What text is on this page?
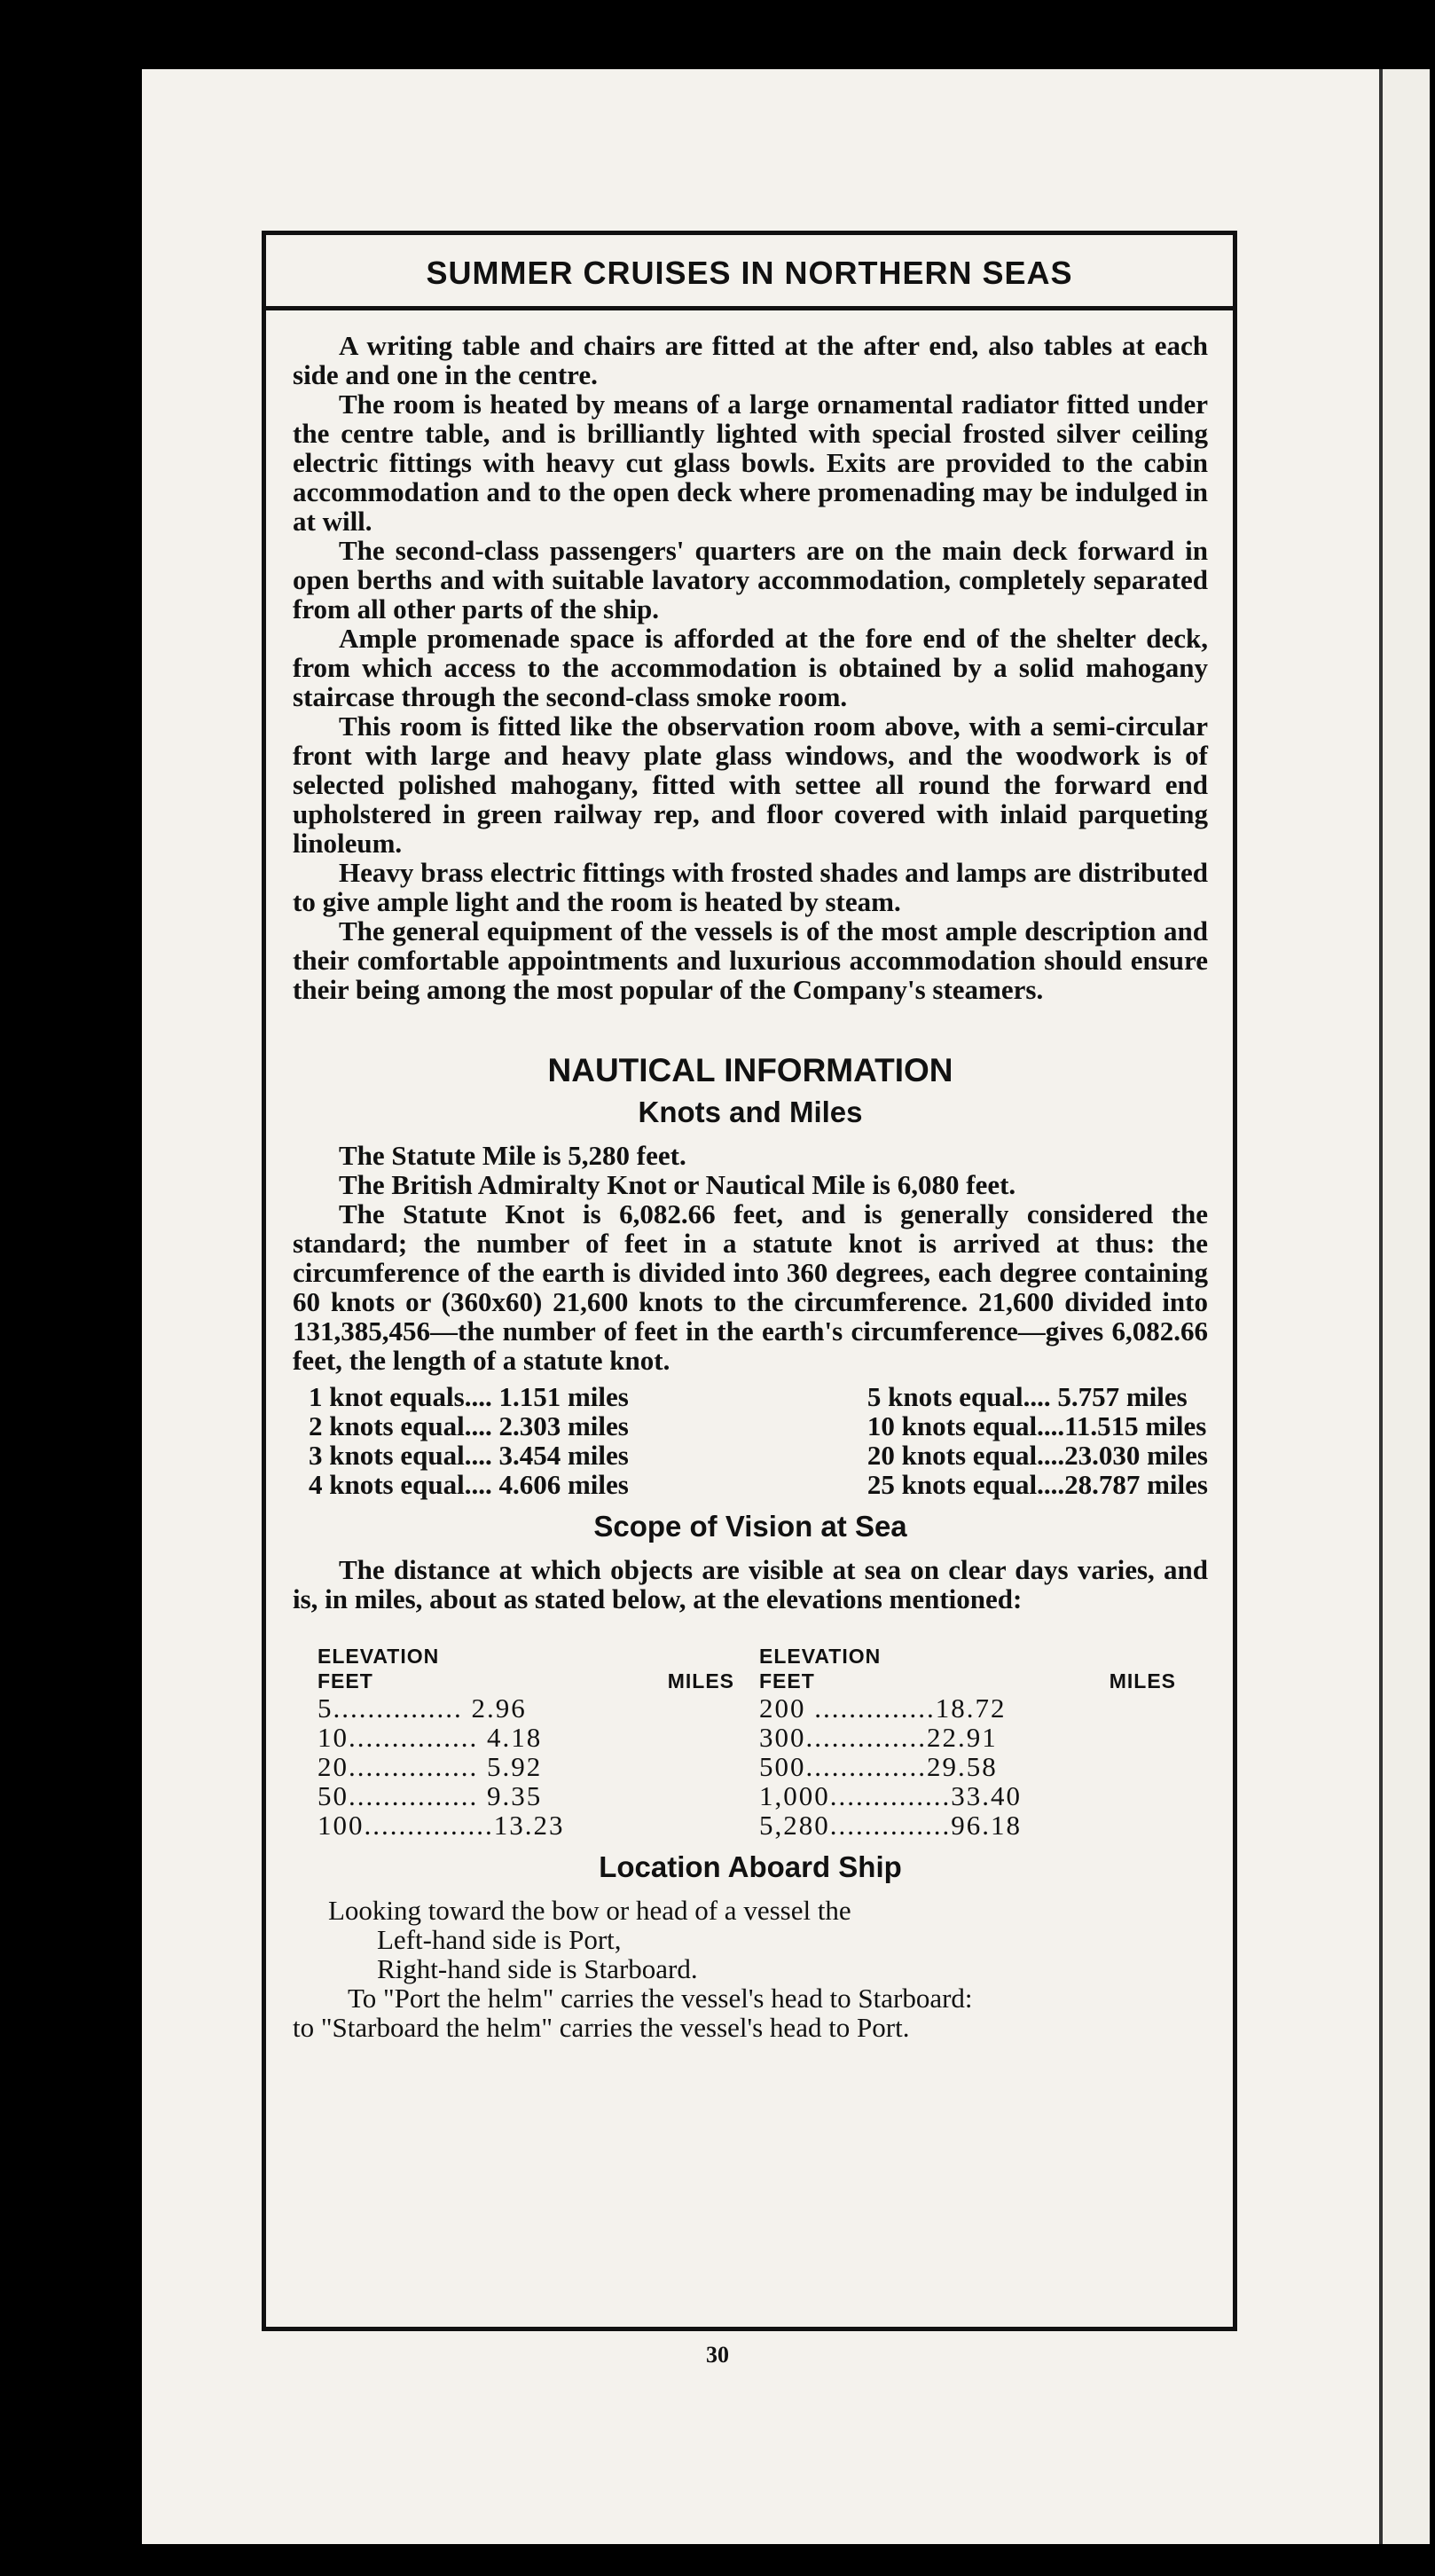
SUMMER CRUISES IN NORTHERN SEAS

A writing table and chairs are fitted at the after end, also tables at each side and one in the centre.

The room is heated by means of a large ornamental radiator fitted under the centre table, and is brilliantly lighted with special frosted silver ceiling electric fittings with heavy cut glass bowls. Exits are provided to the cabin accommodation and to the open deck where promenading may be indulged in at will.

The second-class passengers' quarters are on the main deck forward in open berths and with suitable lavatory accommodation, completely separated from all other parts of the ship.

Ample promenade space is afforded at the fore end of the shelter deck, from which access to the accommodation is obtained by a solid mahogany staircase through the second-class smoke room.

This room is fitted like the observation room above, with a semi-circular front with large and heavy plate glass windows, and the woodwork is of selected polished mahogany, fitted with settee all round the forward end upholstered in green railway rep, and floor covered with inlaid parqueting linoleum.

Heavy brass electric fittings with frosted shades and lamps are distributed to give ample light and the room is heated by steam.

The general equipment of the vessels is of the most ample description and their comfortable appointments and luxurious accommodation should ensure their being among the most popular of the Company's steamers.

NAUTICAL INFORMATION
Knots and Miles

The Statute Mile is 5,280 feet.

The British Admiralty Knot or Nautical Mile is 6,080 feet.

The Statute Knot is 6,082.66 feet, and is generally considered the standard; the number of feet in a statute knot is arrived at thus: the circumference of the earth is divided into 360 degrees, each degree containing 60 knots or (360x60) 21,600 knots to the circumference. 21,600 divided into 131,385,456—the number of feet in the earth's circumference—gives 6,082.66 feet, the length of a statute knot.

1 knot equals.... 1.151 miles
2 knots equal.... 2.303 miles
3 knots equal.... 3.454 miles
4 knots equal.... 4.606 miles
5 knots equal.... 5.757 miles
10 knots equal....11.515 miles
20 knots equal....23.030 miles
25 knots equal....28.787 miles
Scope of Vision at Sea

The distance at which objects are visible at sea on clear days varies, and is, in miles, about as stated below, at the elevations mentioned:

ELEVATION
FEET	MILES
5............... 2.96
10............... 4.18
20............... 5.92
50............... 9.35
100...............13.23
ELEVATION
FEET	MILES
200 ..............18.72
300..............22.91
500..............29.58
1,000..............33.40
5,280..............96.18
Location Aboard Ship

Looking toward the bow or head of a vessel the

Left-hand side is Port,

Right-hand side is Starboard.

To "Port the helm" carries the vessel's head to Starboard:

to "Starboard the helm" carries the vessel's head to Port.

30
